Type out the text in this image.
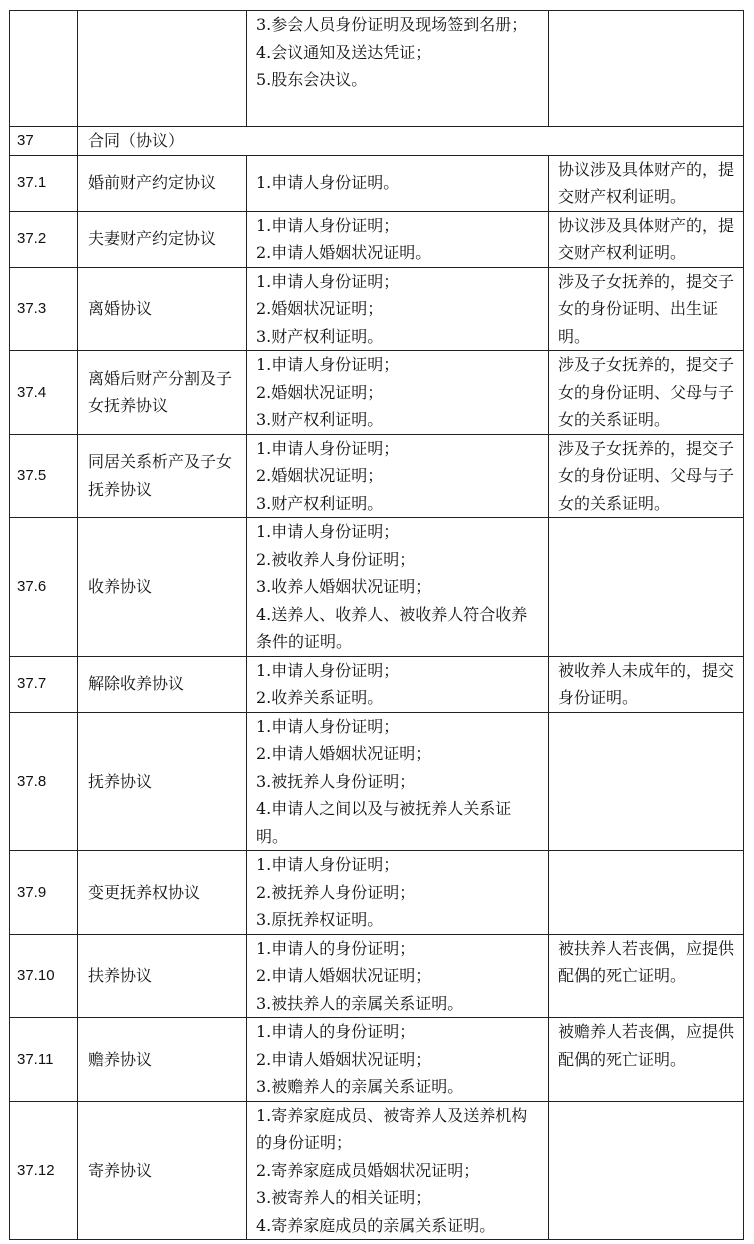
		3.参会人员身份证明及现场签到名册；
4.会议通知及送达凭证；
5.股东会决议。	

37	合同（协议）		
37.1	婚前财产约定协议	1.申请人身份证明。	协议涉及具体财产的，提交财产权利证明。
37.2	夫妻财产约定协议	1.申请人身份证明；
2.申请人婚姻状况证明。	协议涉及具体财产的，提交财产权利证明。
37.3	离婚协议	1.申请人身份证明；
2.婚姻状况证明；
3.财产权利证明。	涉及子女抚养的，提交子女的身份证明、出生证明。
37.4	离婚后财产分割及子女抚养协议	1.申请人身份证明；
2.婚姻状况证明；
3.财产权利证明。	涉及子女抚养的，提交子女的身份证明、父母与子女的关系证明。
37.5	同居关系析产及子女抚养协议	1.申请人身份证明；
2.婚姻状况证明；
3.财产权利证明。	涉及子女抚养的，提交子女的身份证明、父母与子女的关系证明。
37.6	收养协议	1.申请人身份证明；
2.被收养人身份证明；
3.收养人婚姻状况证明；
4.送养人、收养人、被收养人符合收养条件的证明。	

37.7	解除收养协议	1.申请人身份证明；
2.收养关系证明。	被收养人未成年的，提交身份证明。
37.8	抚养协议	1.申请人身份证明；
2.申请人婚姻状况证明；
3.被抚养人身份证明；
4.申请人之间以及与被抚养人关系证明。	

37.9	变更抚养权协议	1.申请人身份证明；
2.被抚养人身份证明；
3.原抚养权证明。	

37.10	扶养协议	1.申请人的身份证明；
2.申请人婚姻状况证明；
3.被扶养人的亲属关系证明。	被扶养人若丧偶，应提供配偶的死亡证明。
37.11	赡养协议	1.申请人的身份证明；
2.申请人婚姻状况证明；
3.被赡养人的亲属关系证明。	被赡养人若丧偶，应提供配偶的死亡证明。
37.12	寄养协议	1.寄养家庭成员、被寄养人及送养机构的身份证明；
2.寄养家庭成员婚姻状况证明；
3.被寄养人的相关证明；
4.寄养家庭成员的亲属关系证明。	
